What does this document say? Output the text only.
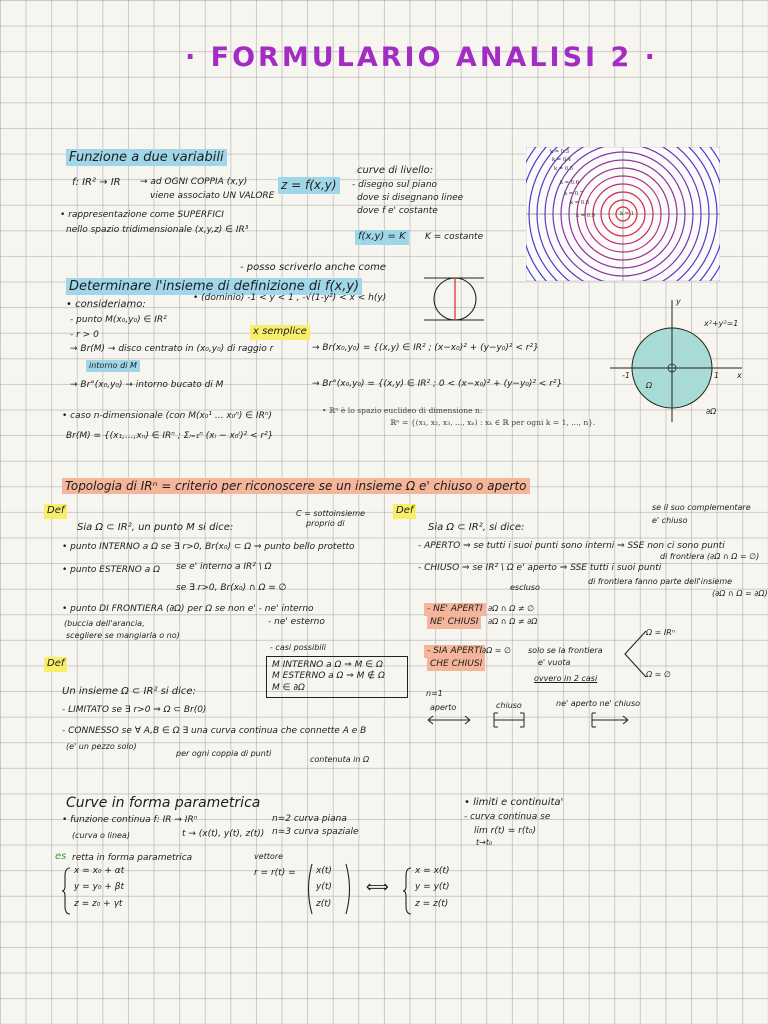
· FORMULARIO ANALISI 2 ·
Funzione a due variabili
f: IR² → IR → ad OGNI COPPIA (x,y)
viene associato UN VALORE
z = f(x,y)
curve di livello:
- disegno sul piano
dove si disegnano linee
dove f e' costante
f(x,y) = K	K = costante
• rappresentazione come SUPERFICI
nello spazio tridimensionale (x,y,z) ∈ IR³
k = 0.3
k = 0.4
k = 0.5
k = 0.6
k = 0.7
k = 0.8
k = 0.9	k = 1
- posso scriverlo anche come
Determinare l'insieme di definizione di f(x,y)
• (dominio) -1 < y < 1 , -√(1-y²) < x < h(y)
• consideriamo:
- punto M(x₀,y₀) ∈ IR²
- r > 0	x semplice
→ Br(M) → disco centrato in (x₀,y₀) di raggio r	→ Br(x₀,y₀) = {(x,y) ∈ IR² ; (x−x₀)² + (y−y₀)² < r²}
intorno di M
→ Br°(x₀,y₀) → intorno bucato di M	→ Br°(x₀,y₀) = {(x,y) ∈ IR² ; 0 < (x−x₀)² + (y−y₀)² < r²}
• caso n-dimensionale (con M(x₀¹ ... x₀ⁿ) ∈ IRⁿ)
Br(M) = {(x₁,...,xₙ) ∈ IRⁿ ; Σᵢ₌₁ⁿ (xᵢ − x₀ⁱ)² < r²}
• ℝⁿ è lo spazio euclideo di dimensione n:
ℝⁿ = {(x₁, x₂, x₃, ..., xₙ) : xₖ ∈ ℝ per ogni k = 1, ..., n}.
x
y
x²+y²=1
1
-1
Ω
∂Ω
Topologia di IRⁿ = criterio per riconoscere se un insieme Ω e' chiuso o aperto
Def	C = sottoinsieme
proprio di
Sia Ω ⊂ IR², un punto M si dice:
• punto INTERNO a Ω se ∃ r>0, Br(x₀) ⊂ Ω ⇒ punto bello protetto
• punto ESTERNO a Ω se e' interno a IR² \ Ω
se ∃ r>0, Br(x₀) ∩ Ω = ∅
• punto DI FRONTIERA (∂Ω) per Ω se non e' - ne' interno
- ne' esterno
(buccia dell'arancia,
scegliere se mangiarla o no)
- casi possibili
M INTERNO a Ω ⇒ M ∈ Ω
M ESTERNO a Ω ⇒ M ∉ Ω
M ∈ ∂Ω
Def
Un insieme Ω ⊂ IR² si dice:
- LIMITATO se ∃ r>0 ⇒ Ω ⊂ Br(0)
- CONNESSO se ∀ A,B ∈ Ω ∃ una curva continua che connette A e B
(e' un pezzo solo)
per ogni coppia di punti
contenuta in Ω
Def	se il suo complementare
e' chiuso
Sia Ω ⊂ IR², si dice:
- APERTO ⇒ se tutti i suoi punti sono interni ⇒ SSE non ci sono punti
di frontiera (∂Ω ∩ Ω = ∅)
- CHIUSO ⇒ se IR² \ Ω e' aperto ⇒ SSE tutti i suoi punti
di frontiera fanno parte dell'insieme
(∂Ω ∩ Ω = ∂Ω)
escluso
- NE' APERTI
NE' CHIUSI
∂Ω ∩ Ω ≠ ∅
∂Ω ∩ Ω ≠ ∂Ω
- SIA APERTI
CHE CHIUSI
∂Ω = ∅ solo se la frontiera
e' vuota
ovvero in 2 casi
Ω = IRⁿ
Ω = ∅
n=1
aperto	chiuso	ne' aperto ne' chiuso
Curve in forma parametrica
• funzione continua f: IR → IRⁿ
(curva o linea)	t → (x(t), y(t), z(t))
n=2 curva piana
n=3 curva spaziale
• limiti e continuita'
- curva continua se
lim r(t) = r(t₀)
t→t₀
es retta in forma parametrica	vettore
x = x₀ + αt
y = y₀ + βt
z = z₀ + γt
r = r(t) = x(t)
y(t)
z(t)
⟺
x = x(t)
y = y(t)
z = z(t)
